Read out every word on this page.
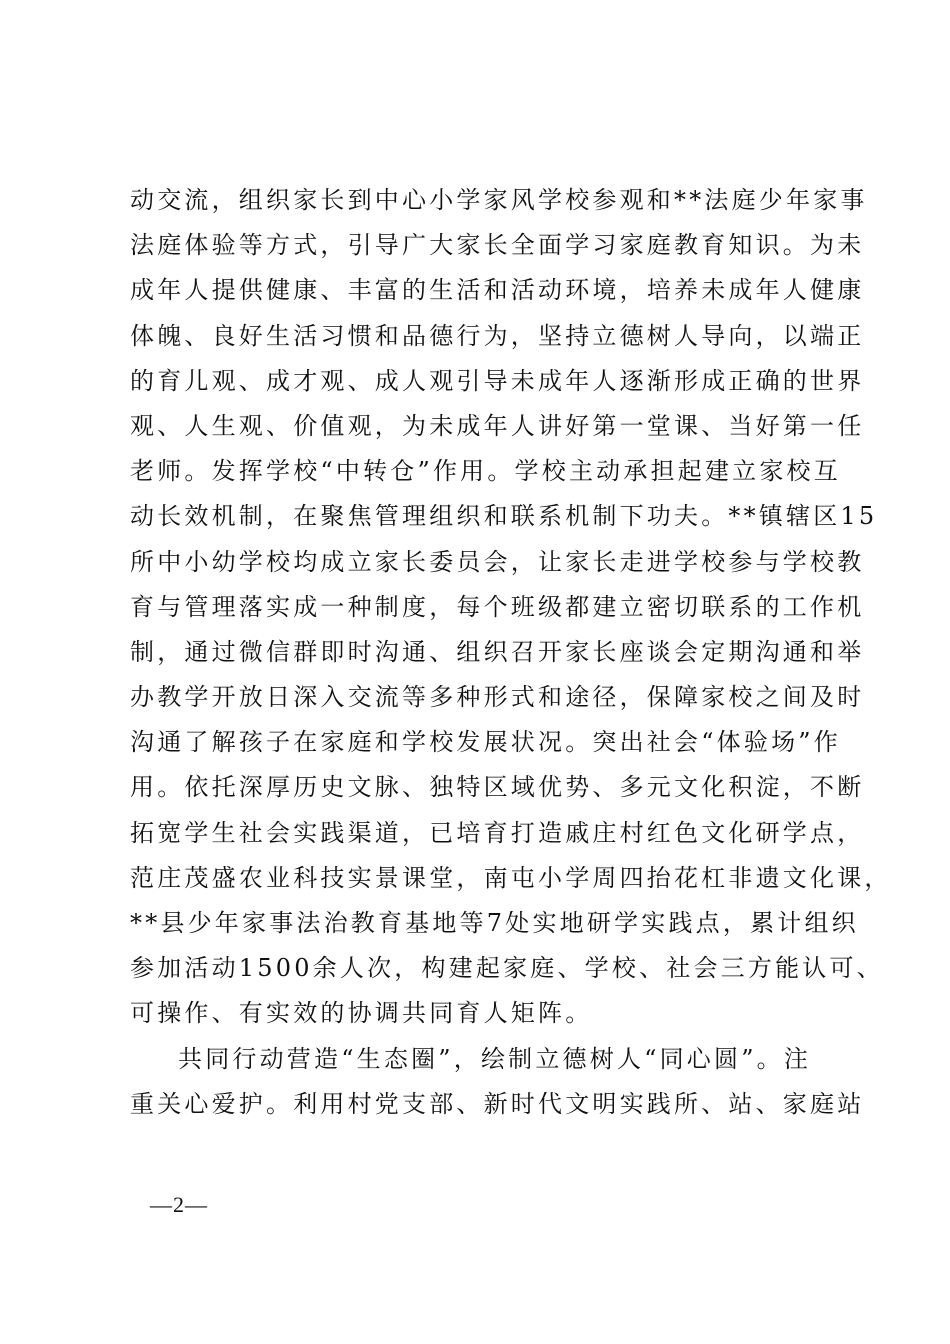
动交流，组织家长到中心小学家风学校参观和**法庭少年家事
法庭体验等方式，引导广大家长全面学习家庭教育知识。为未
成年人提供健康、丰富的生活和活动环境，培养未成年人健康
体魄、良好生活习惯和品德行为，坚持立德树人导向，以端正
的育儿观、成才观、成人观引导未成年人逐渐形成正确的世界
观、人生观、价值观，为未成年人讲好第一堂课、当好第一任
老师。发挥学校“中转仓”作用。学校主动承担起建立家校互
动长效机制，在聚焦管理组织和联系机制下功夫。**镇辖区15
所中小幼学校均成立家长委员会，让家长走进学校参与学校教
育与管理落实成一种制度，每个班级都建立密切联系的工作机
制，通过微信群即时沟通、组织召开家长座谈会定期沟通和举
办教学开放日深入交流等多种形式和途径，保障家校之间及时
沟通了解孩子在家庭和学校发展状况。突出社会“体验场”作
用。依托深厚历史文脉、独特区域优势、多元文化积淀，不断
拓宽学生社会实践渠道，已培育打造戚庄村红色文化研学点，
范庄茂盛农业科技实景课堂，南屯小学周四抬花杠非遗文化课，
**县少年家事法治教育基地等7处实地研学实践点，累计组织
参加活动1500余人次，构建起家庭、学校、社会三方能认可、
可操作、有实效的协调共同育人矩阵。
共同行动营造“生态圈”，绘制立德树人“同心圆”。注
重关心爱护。利用村党支部、新时代文明实践所、站、家庭站
—2—
